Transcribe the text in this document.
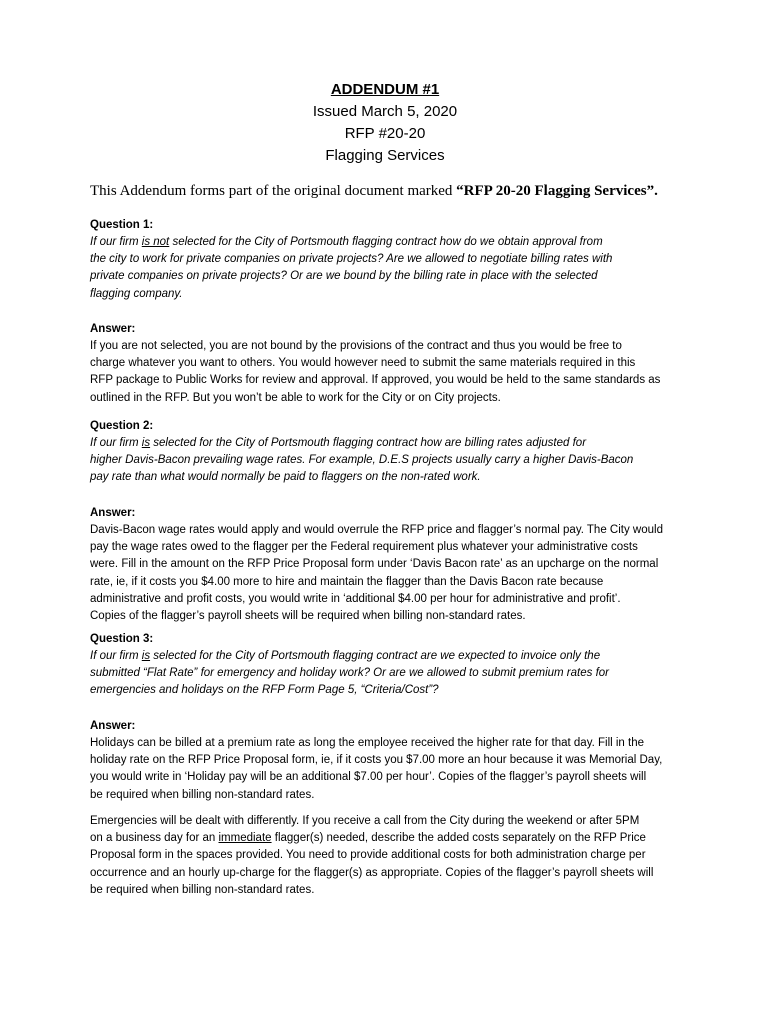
ADDENDUM #1
Issued March 5, 2020
RFP #20-20
Flagging Services
This Addendum forms part of the original document marked “RFP 20-20 Flagging Services”.
Question 1:
If our firm is not selected for the City of Portsmouth flagging contract how do we obtain approval from
the city to work for private companies on private projects? Are we allowed to negotiate billing rates with
private companies on private projects? Or are we bound by the billing rate in place with the selected
flagging company.
Answer:
If you are not selected, you are not bound by the provisions of the contract and thus you would be free to
charge whatever you want to others. You would however need to submit the same materials required in this
RFP package to Public Works for review and approval. If approved, you would be held to the same standards as
outlined in the RFP. But you won’t be able to work for the City or on City projects.
Question 2:
If our firm is selected for the City of Portsmouth flagging contract how are billing rates adjusted for
higher Davis-Bacon prevailing wage rates. For example, D.E.S projects usually carry a higher Davis-Bacon
pay rate than what would normally be paid to flaggers on the non-rated work.
Answer:
Davis-Bacon wage rates would apply and would overrule the RFP price and flagger’s normal pay. The City would
pay the wage rates owed to the flagger per the Federal requirement plus whatever your administrative costs
were. Fill in the amount on the RFP Price Proposal form under ‘Davis Bacon rate’ as an upcharge on the normal
rate, ie, if it costs you $4.00 more to hire and maintain the flagger than the Davis Bacon rate because
administrative and profit costs, you would write in ‘additional $4.00 per hour for administrative and profit’.
Copies of the flagger’s payroll sheets will be required when billing non-standard rates.
Question 3:
If our firm is selected for the City of Portsmouth flagging contract are we expected to invoice only the
submitted “Flat Rate” for emergency and holiday work? Or are we allowed to submit premium rates for
emergencies and holidays on the RFP Form Page 5, “Criteria/Cost”?
Answer:
Holidays can be billed at a premium rate as long the employee received the higher rate for that day. Fill in the
holiday rate on the RFP Price Proposal form, ie, if it costs you $7.00 more an hour because it was Memorial Day,
you would write in ‘Holiday pay will be an additional $7.00 per hour’. Copies of the flagger’s payroll sheets will
be required when billing non-standard rates.
Emergencies will be dealt with differently. If you receive a call from the City during the weekend or after 5PM
on a business day for an immediate flagger(s) needed, describe the added costs separately on the RFP Price
Proposal form in the spaces provided. You need to provide additional costs for both administration charge per
occurrence and an hourly up-charge for the flagger(s) as appropriate. Copies of the flagger’s payroll sheets will
be required when billing non-standard rates.
